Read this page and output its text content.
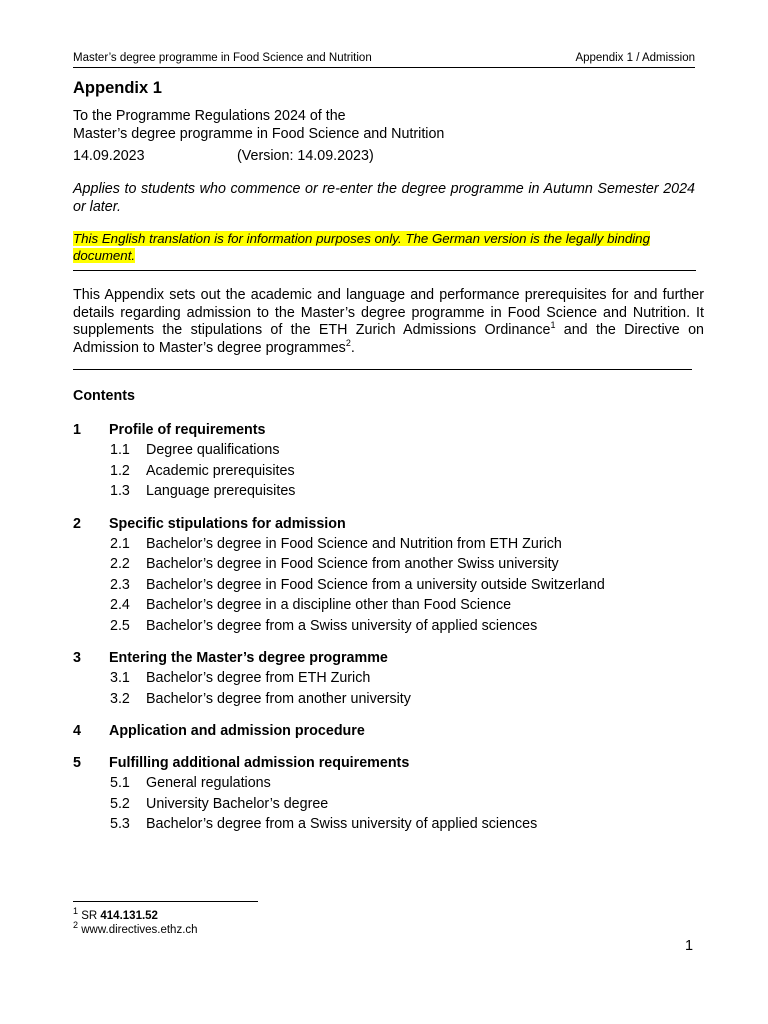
Master’s degree programme in Food Science and Nutrition	Appendix 1 / Admission
Appendix 1
To the Programme Regulations 2024 of the
Master’s degree programme in Food Science and Nutrition
14.09.2023	(Version: 14.09.2023)
Applies to students who commence or re-enter the degree programme in Autumn Semester 2024 or later.
This English translation is for information purposes only. The German version is the legally binding document.
This Appendix sets out the academic and language and performance prerequisites for and further details regarding admission to the Master’s degree programme in Food Science and Nutrition. It supplements the stipulations of the ETH Zurich Admissions Ordinance$^1$ and the Directive on Admission to Master’s degree programmes$^2$.
Contents
1	Profile of requirements
1.1	Degree qualifications
1.2	Academic prerequisites
1.3	Language prerequisites
2	Specific stipulations for admission
2.1	Bachelor’s degree in Food Science and Nutrition from ETH Zurich
2.2	Bachelor’s degree in Food Science from another Swiss university
2.3	Bachelor’s degree in Food Science from a university outside Switzerland
2.4	Bachelor’s degree in a discipline other than Food Science
2.5	Bachelor’s degree from a Swiss university of applied sciences
3	Entering the Master’s degree programme
3.1	Bachelor’s degree from ETH Zurich
3.2	Bachelor’s degree from another university
4	Application and admission procedure
5	Fulfilling additional admission requirements
5.1	General regulations
5.2	University Bachelor’s degree
5.3	Bachelor’s degree from a Swiss university of applied sciences
$^1$ SR 414.131.52
$^2$ www.directives.ethz.ch
1
